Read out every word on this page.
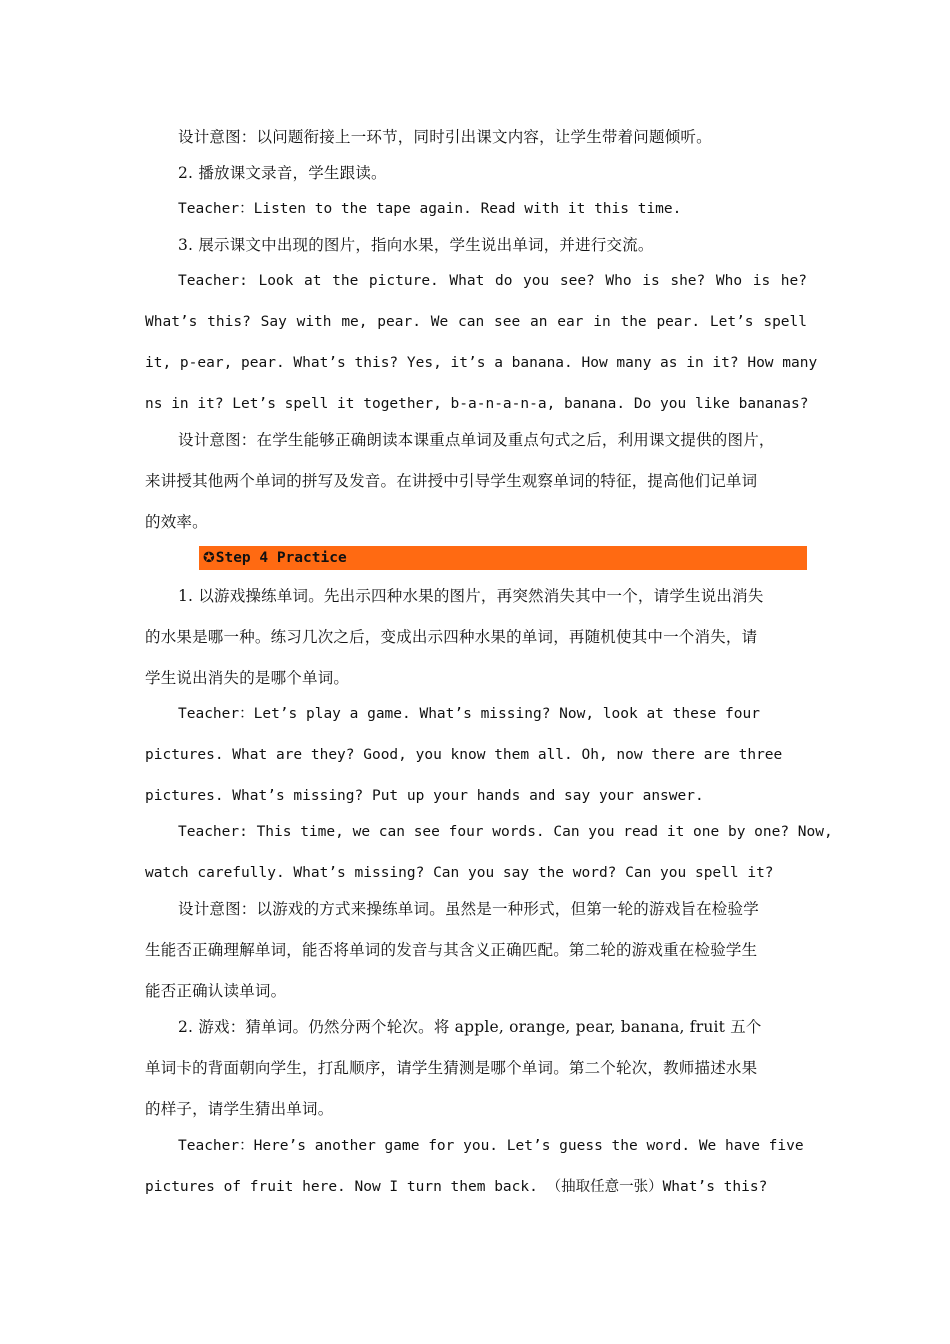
设计意图：以问题衔接上一环节，同时引出课文内容，让学生带着问题倾听。
2. 播放课文录音，学生跟读。
Teacher：Listen to the tape again. Read with it this time.
3. 展示课文中出现的图片，指向水果，学生说出单词，并进行交流。
Teacher: Look at the picture. What do you see? Who is she? Who is he?
What’s this? Say with me, pear. We can see an ear in the pear. Let’s spell
it, p-ear, pear. What’s this? Yes, it’s a banana. How many as in it? How many
ns in it? Let’s spell it together, b-a-n-a-n-a, banana. Do you like bananas?
设计意图：在学生能够正确朗读本课重点单词及重点句式之后，利用课文提供的图片，
来讲授其他两个单词的拼写及发音。在讲授中引导学生观察单词的特征，提高他们记单词
的效率。
✪Step 4 Practice
1. 以游戏操练单词。先出示四种水果的图片，再突然消失其中一个，请学生说出消失
的水果是哪一种。练习几次之后，变成出示四种水果的单词，再随机使其中一个消失，请
学生说出消失的是哪个单词。
Teacher：Let’s play a game. What’s missing? Now, look at these four
pictures. What are they? Good, you know them all. Oh, now there are three
pictures. What’s missing? Put up your hands and say your answer.
Teacher: This time, we can see four words. Can you read it one by one? Now,
watch carefully. What’s missing? Can you say the word? Can you spell it?
设计意图：以游戏的方式来操练单词。虽然是一种形式，但第一轮的游戏旨在检验学
生能否正确理解单词，能否将单词的发音与其含义正确匹配。第二轮的游戏重在检验学生
能否正确认读单词。
2. 游戏：猜单词。仍然分两个轮次。将 apple, orange, pear, banana, fruit 五个
单词卡的背面朝向学生，打乱顺序，请学生猜测是哪个单词。第二个轮次，教师描述水果
的样子，请学生猜出单词。
Teacher：Here’s another game for you. Let’s guess the word. We have five
pictures of fruit here. Now I turn them back. （抽取任意一张）What’s this?
